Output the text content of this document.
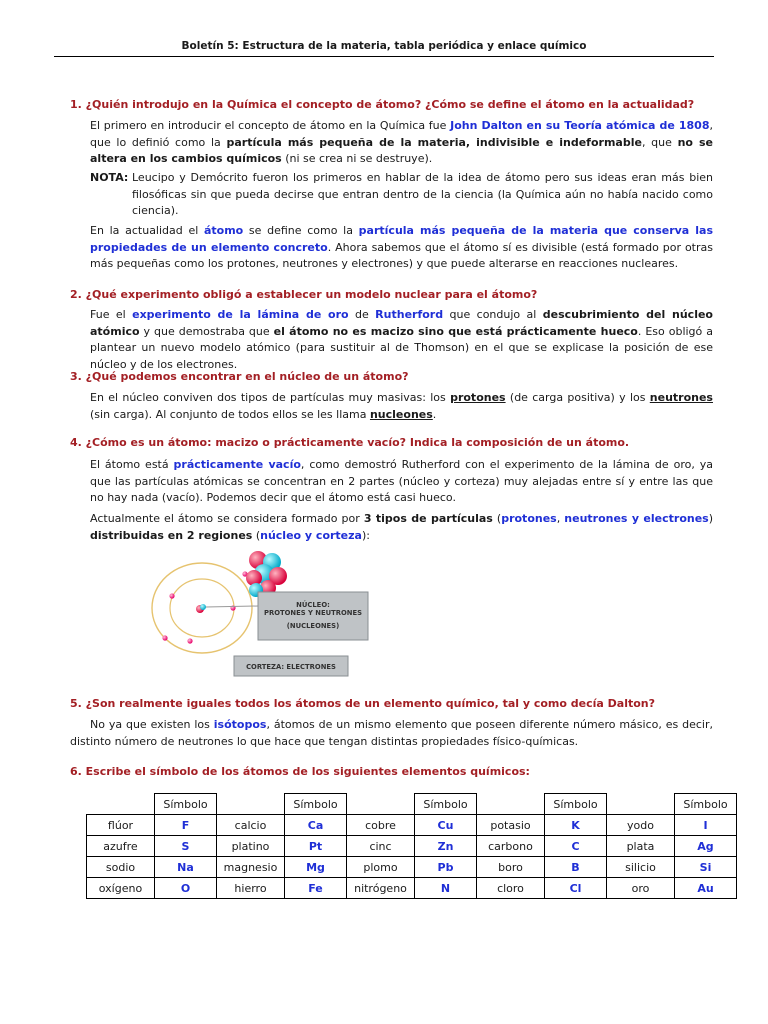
Boletín 5: Estructura de la materia, tabla periódica y enlace químico
1. ¿Quién introdujo en la Química el concepto de átomo? ¿Cómo se define el átomo en la actualidad?
El primero en introducir el concepto de átomo en la Química fue John Dalton en su Teoría atómica de 1808, que lo definió como la partícula más pequeña de la materia, indivisible e indeformable, que no se altera en los cambios químicos (ni se crea ni se destruye).
NOTA: Leucipo y Demócrito fueron los primeros en hablar de la idea de átomo pero sus ideas eran más bien filosóficas sin que pueda decirse que entran dentro de la ciencia (la Química aún no había nacido como ciencia).
En la actualidad el átomo se define como la partícula más pequeña de la materia que conserva las propiedades de un elemento concreto. Ahora sabemos que el átomo sí es divisible (está formado por otras más pequeñas como los protones, neutrones y electrones) y que puede alterarse en reacciones nucleares.
2. ¿Qué experimento obligó a establecer un modelo nuclear para el átomo?
Fue el experimento de la lámina de oro de Rutherford que condujo al descubrimiento del núcleo atómico y que demostraba que el átomo no es macizo sino que está prácticamente hueco. Eso obligó a plantear un nuevo modelo atómico (para sustituir al de Thomson) en el que se explicase la posición de ese núcleo y de los electrones.
3. ¿Qué podemos encontrar en el núcleo de un átomo?
En el núcleo conviven dos tipos de partículas muy masivas: los protones (de carga positiva) y los neutrones (sin carga). Al conjunto de todos ellos se les llama nucleones.
4. ¿Cómo es un átomo: macizo o prácticamente vacío? Indica la composición de un átomo.
El átomo está prácticamente vacío, como demostró Rutherford con el experimento de la lámina de oro, ya que las partículas atómicas se concentran en 2 partes (núcleo y corteza) muy alejadas entre sí y entre las que no hay nada (vacío). Podemos decir que el átomo está casi hueco.
Actualmente el átomo se considera formado por 3 tipos de partículas (protones, neutrones y electrones) distribuidas en 2 regiones (núcleo y corteza):
NÚCLEO:
PROTONES Y NEUTRONES
(NUCLEONES)
CORTEZA: ELECTRONES
5. ¿Son realmente iguales todos los átomos de un elemento químico, tal y como decía Dalton?
No ya que existen los isótopos, átomos de un mismo elemento que poseen diferente número másico, es decir, distinto número de neutrones lo que hace que tengan distintas propiedades físico-químicas.
6. Escribe el símbolo de los átomos de los siguientes elementos químicos:
	Símbolo		Símbolo		Símbolo		Símbolo		Símbolo
flúor	F	calcio	Ca	cobre	Cu	potasio	K	yodo	I
azufre	S	platino	Pt	cinc	Zn	carbono	C	plata	Ag
sodio	Na	magnesio	Mg	plomo	Pb	boro	B	silicio	Si
oxígeno	O	hierro	Fe	nitrógeno	N	cloro	Cl	oro	Au
